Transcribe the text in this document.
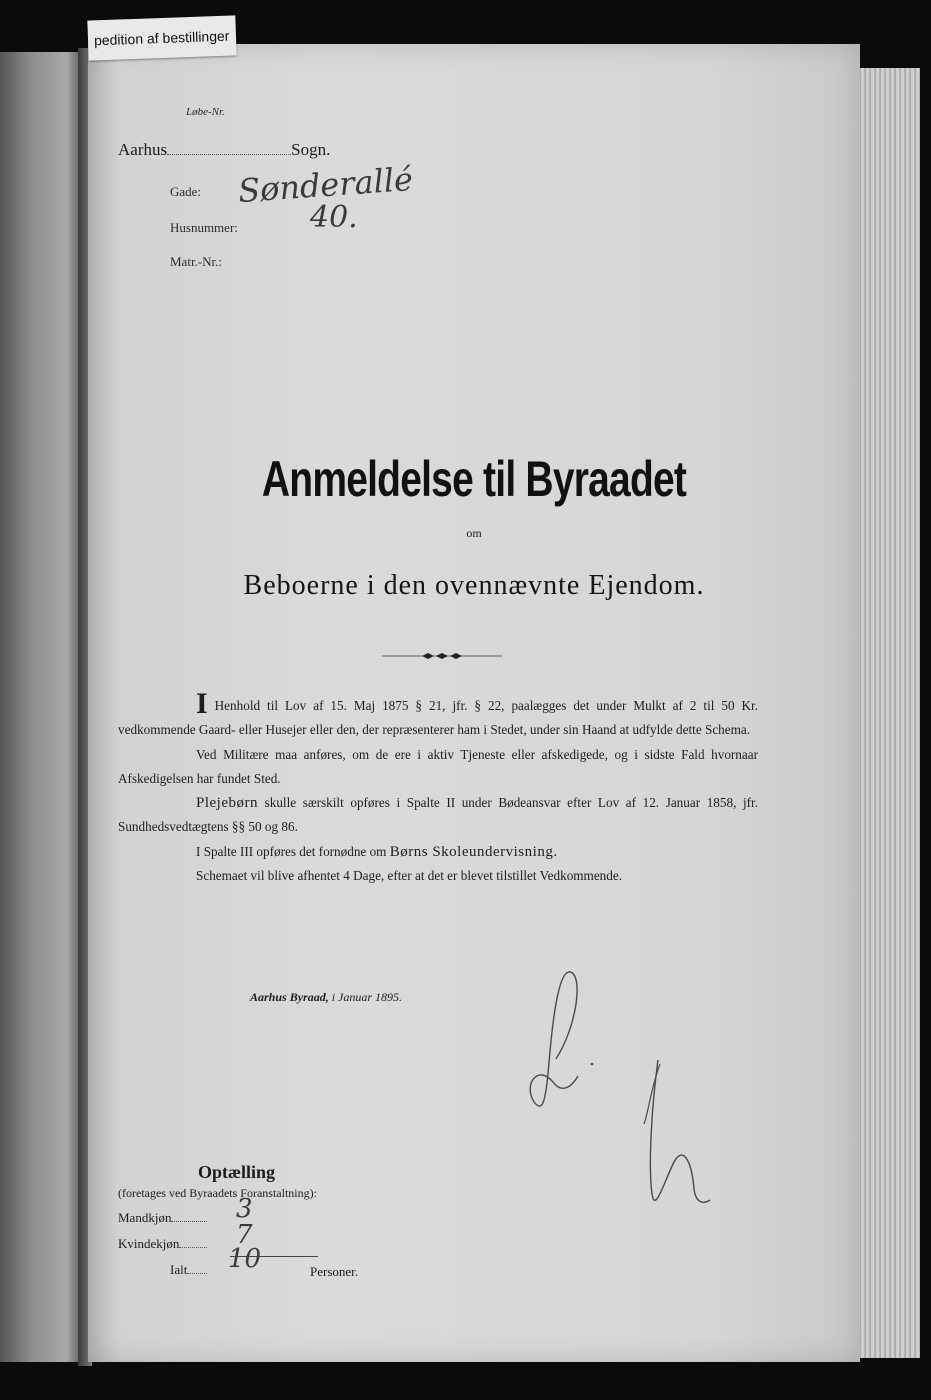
Løbe-Nr.
Aarhus	Sogn.
Gade: Sønderallé
Husnummer: 40.
Matr.-Nr.:
Anmeldelse til Byraadet
om
Beboerne i den ovennævnte Ejendom.

I Henhold til Lov af 15. Maj 1875 § 21, jfr. § 22, paalægges det under Mulkt af 2 til 50 Kr. vedkommende Gaard- eller Husejer eller den, der repræsenterer ham i Stedet, under sin Haand at udfylde dette Schema.

Ved Militære maa anføres, om de ere i aktiv Tjeneste eller afskedigede, og i sidste Fald hvornaar Afskedigelsen har fundet Sted.

Plejebørn skulle særskilt opføres i Spalte II under Bødeansvar efter Lov af 12. Januar 1858, jfr. Sundhedsvedtægtens §§ 50 og 86.

I Spalte III opføres det fornødne om Børns Skoleundervisning.

Schemaet vil blive afhentet 4 Dage, efter at det er blevet tilstillet Vedkommende.

Aarhus Byraad, i Januar 1895.
Optælling
(foretages ved Byraadets Foranstaltning):
Mandkjøn	3
Kvindekjøn	7
Ialt	10	Personer.
pedition af bestillinger
